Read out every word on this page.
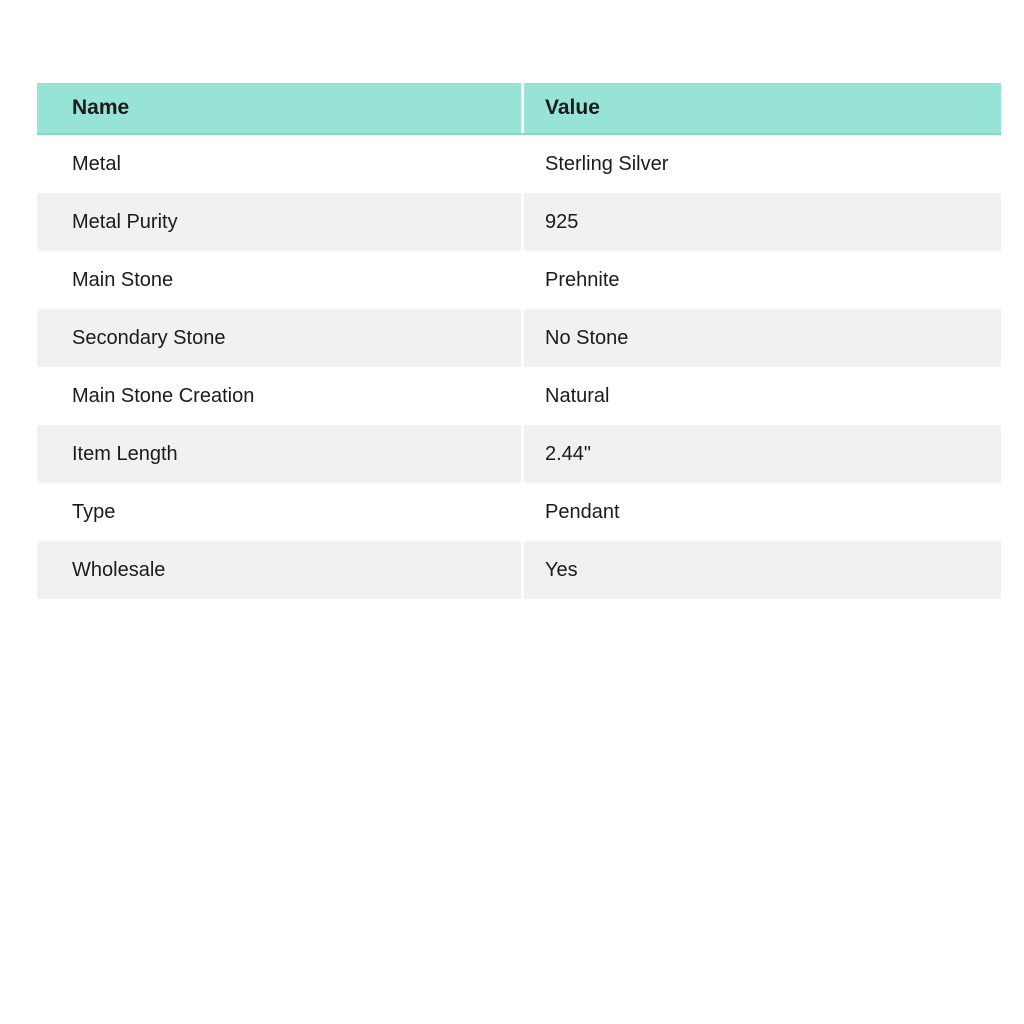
Name	Value
Metal	Sterling Silver
Metal Purity	925
Main Stone	Prehnite
Secondary Stone	No Stone
Main Stone Creation	Natural
Item Length	2.44"
Type	Pendant
Wholesale	Yes
